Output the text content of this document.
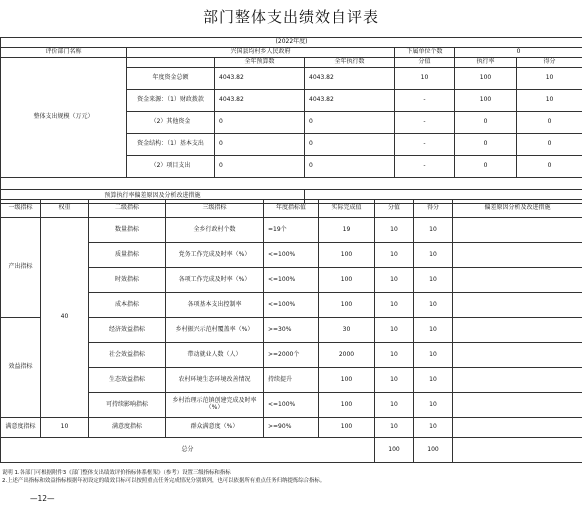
部门整体支出绩效自评表
(2022年度)						
评价部门名称	兴国县均村乡人民政府			下属单位个数	0	
整体支出规模（万元）		全年预算数	全年执行数	分值	执行率	得分
	年度资金总额	4043.82	4043.82	10	100	10
	资金来源：（1）财政拨款	4043.82	4043.82	-	100	10
	（2）其他资金	0	0	-	0	0
	资金结构：（1）基本支出	0	0	-	0	0
	（2）项目支出	0	0	-	0	0

预算执行率偏差原因及分析改进措施						
一级指标	权重	二级指标	三级指标	年度指标值	实际完成值	分值	得分	偏差原因分析及改进措施
产出指标	40	数量指标	全乡行政村个数	=19个	19	10	10	
		质量指标	党务工作完成及时率（%）	<=100%	100	10	10	
		时效指标	各项工作完成及时率（%）	<=100%	100	10	10	
		成本指标	各项基本支出控制率	<=100%	100	10	10	
效益指标		经济效益指标	乡村振兴示范村覆盖率（%）	>=30%	30	10	10	
		社会效益指标	带动就业人数（人）	>=2000个	2000	10	10	
		生态效益指标	农村环境生态环境改善情况	持续提升	100	10	10	
		可持续影响指标	乡村治理示范镇创建完成及时率（%）	<=100%	100	10	10	
满意度指标	10	满意度指标	群众满意度（%）	>=90%	100	10	10	
总分						100	100	
说明 1.各部门可根据附件3《部门整体支出绩效评价指标体系框架》（参考）设置三级指标和指标
2.上述产出指标和效益指标根据年初设定的绩效目标可以按照重点任务完成情况分别填列，也可以依据所有重点任务归纳提炼综合指标。
—12—
